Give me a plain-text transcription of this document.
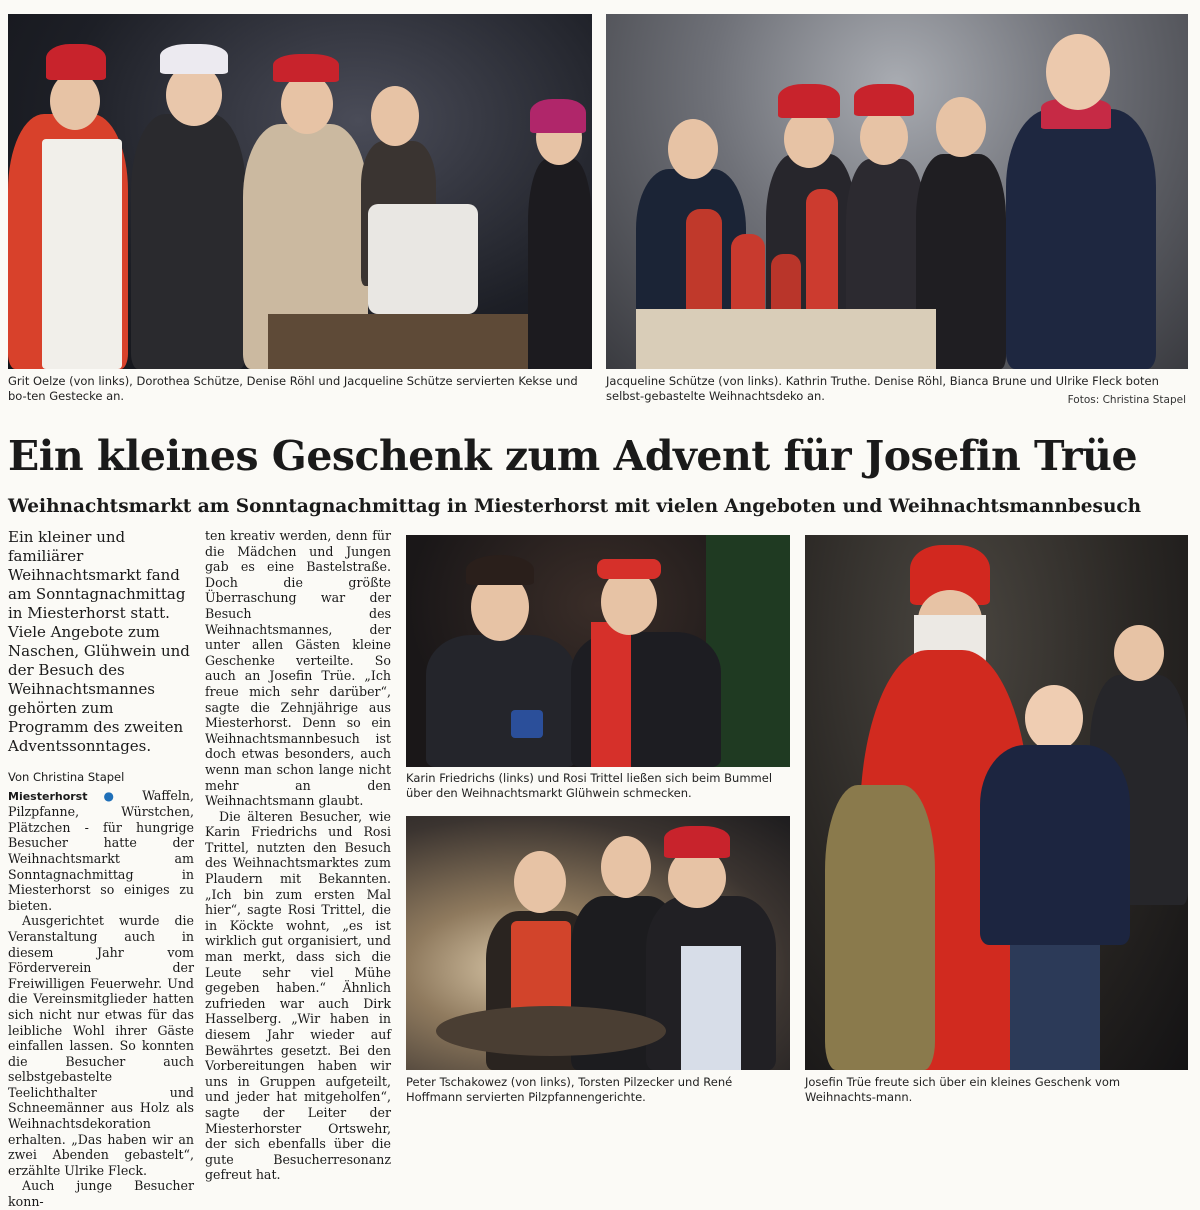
Grit Oelze (von links), Dorothea Schütze, Denise Röhl und Jacqueline Schütze servierten Kekse und bo-ten Gestecke an.
Jacqueline Schütze (von links). Kathrin Truthe. Denise Röhl, Bianca Brune und Ulrike Fleck boten selbst-gebastelte Weihnachtsdeko an.	Fotos: Christina Stapel
Ein kleines Geschenk zum Advent für Josefin Trüe
Weihnachtsmarkt am Sonntagnachmittag in Miesterhorst mit vielen Angeboten und Weihnachtsmannbesuch

Ein kleiner und familiärer Weihnachtsmarkt fand am Sonntagnachmittag in Miesterhorst statt. Viele Angebote zum Naschen, Glühwein und der Besuch des Weihnachtsmannes gehörten zum Programm des zweiten Adventssonntages.

Von Christina Stapel

Miesterhorst ● Waffeln, Pilzpfanne, Würstchen, Plätzchen - für hungrige Besucher hatte der Weihnachtsmarkt am Sonntagnachmittag in Miesterhorst so einiges zu bieten.

Ausgerichtet wurde die Veranstaltung auch in diesem Jahr vom Förderverein der Freiwilligen Feuerwehr. Und die Vereinsmitglieder hatten sich nicht nur etwas für das leibliche Wohl ihrer Gäste einfallen lassen. So konnten die Besucher auch selbstgebastelte Teelichthalter und Schneemänner aus Holz als Weihnachtsdekoration erhalten. „Das haben wir an zwei Abenden gebastelt“, erzählte Ulrike Fleck.

Auch junge Besucher konn-

ten kreativ werden, denn für die Mädchen und Jungen gab es eine Bastelstraße. Doch die größte Überraschung war der Besuch des Weihnachtsmannes, der unter allen Gästen kleine Geschenke verteilte. So auch an Josefin Trüe. „Ich freue mich sehr darüber“, sagte die Zehnjährige aus Miesterhorst. Denn so ein Weihnachtsmannbesuch ist doch etwas besonders, auch wenn man schon lange nicht mehr an den Weihnachtsmann glaubt.

Die älteren Besucher, wie Karin Friedrichs und Rosi Trittel, nutzten den Besuch des Weihnachtsmarktes zum Plaudern mit Bekannten. „Ich bin zum ersten Mal hier“, sagte Rosi Trittel, die in Köckte wohnt, „es ist wirklich gut organisiert, und man merkt, dass sich die Leute sehr viel Mühe gegeben haben.“ Ähnlich zufrieden war auch Dirk Hasselberg. „Wir haben in diesem Jahr wieder auf Bewährtes gesetzt. Bei den Vorbereitungen haben wir uns in Gruppen aufgeteilt, und jeder hat mitgeholfen“, sagte der Leiter der Miesterhorster Ortswehr, der sich ebenfalls über die gute Besucherresonanz gefreut hat.

Karin Friedrichs (links) und Rosi Trittel ließen sich beim Bummel über den Weihnachtsmarkt Glühwein schmecken.
Peter Tschakowez (von links), Torsten Pilzecker und René Hoffmann servierten Pilzpfannengerichte.
Josefin Trüe freute sich über ein kleines Geschenk vom Weihnachts-mann.
